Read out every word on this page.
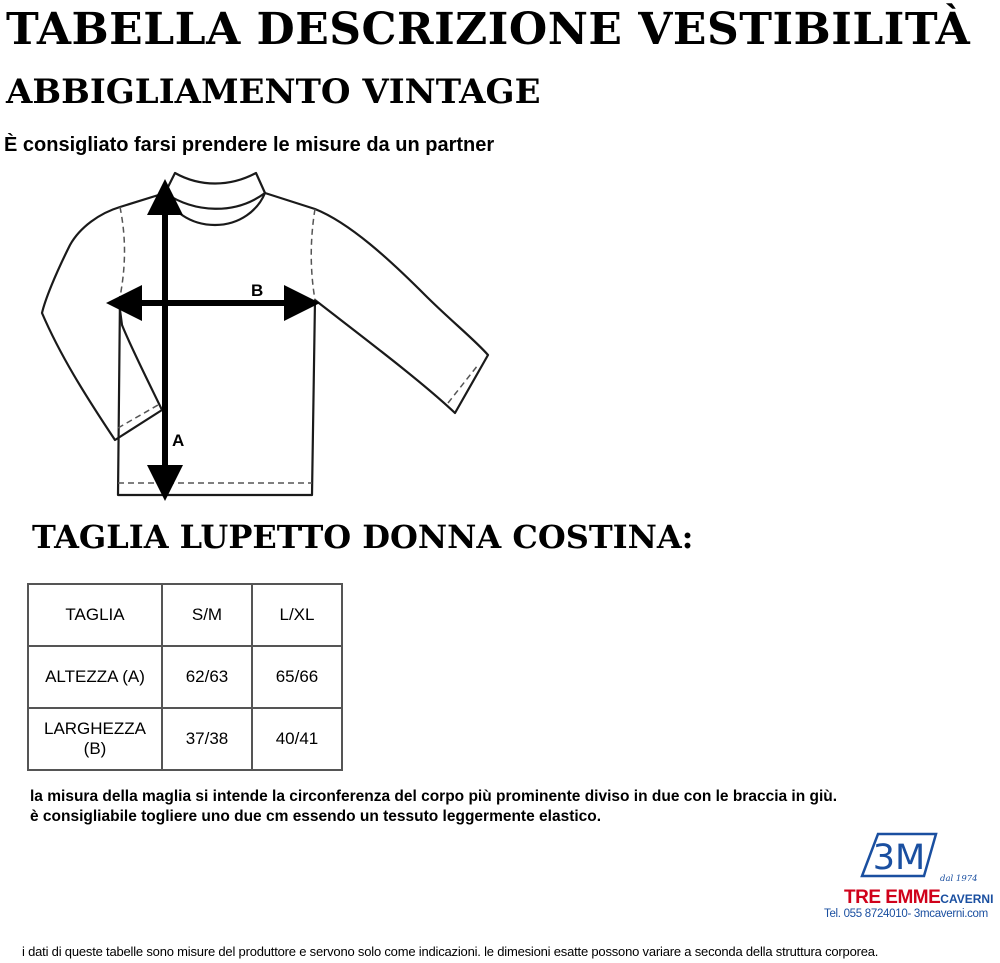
TABELLA DESCRIZIONE VESTIBILITÀ
ABBIGLIAMENTO VINTAGE
È consigliato farsi prendere le misure da un partner
A
B
TAGLIA LUPETTO DONNA COSTINA:
TAGLIA	S/M	L/XL
ALTEZZA (A)	62/63	65/66
LARGHEZZA (B)	37/38	40/41
la misura della maglia si intende la circonferenza del corpo più prominente diviso in due con le braccia in giù.
è consigliabile togliere uno due cm essendo un tessuto leggermente elastico.
3M
dal 1974
TRE EMMECAVERNI
Tel. 055 8724010- 3mcaverni.com
i dati di queste tabelle sono misure del produttore e servono solo come indicazioni. le dimesioni esatte possono variare a seconda della struttura corporea.
